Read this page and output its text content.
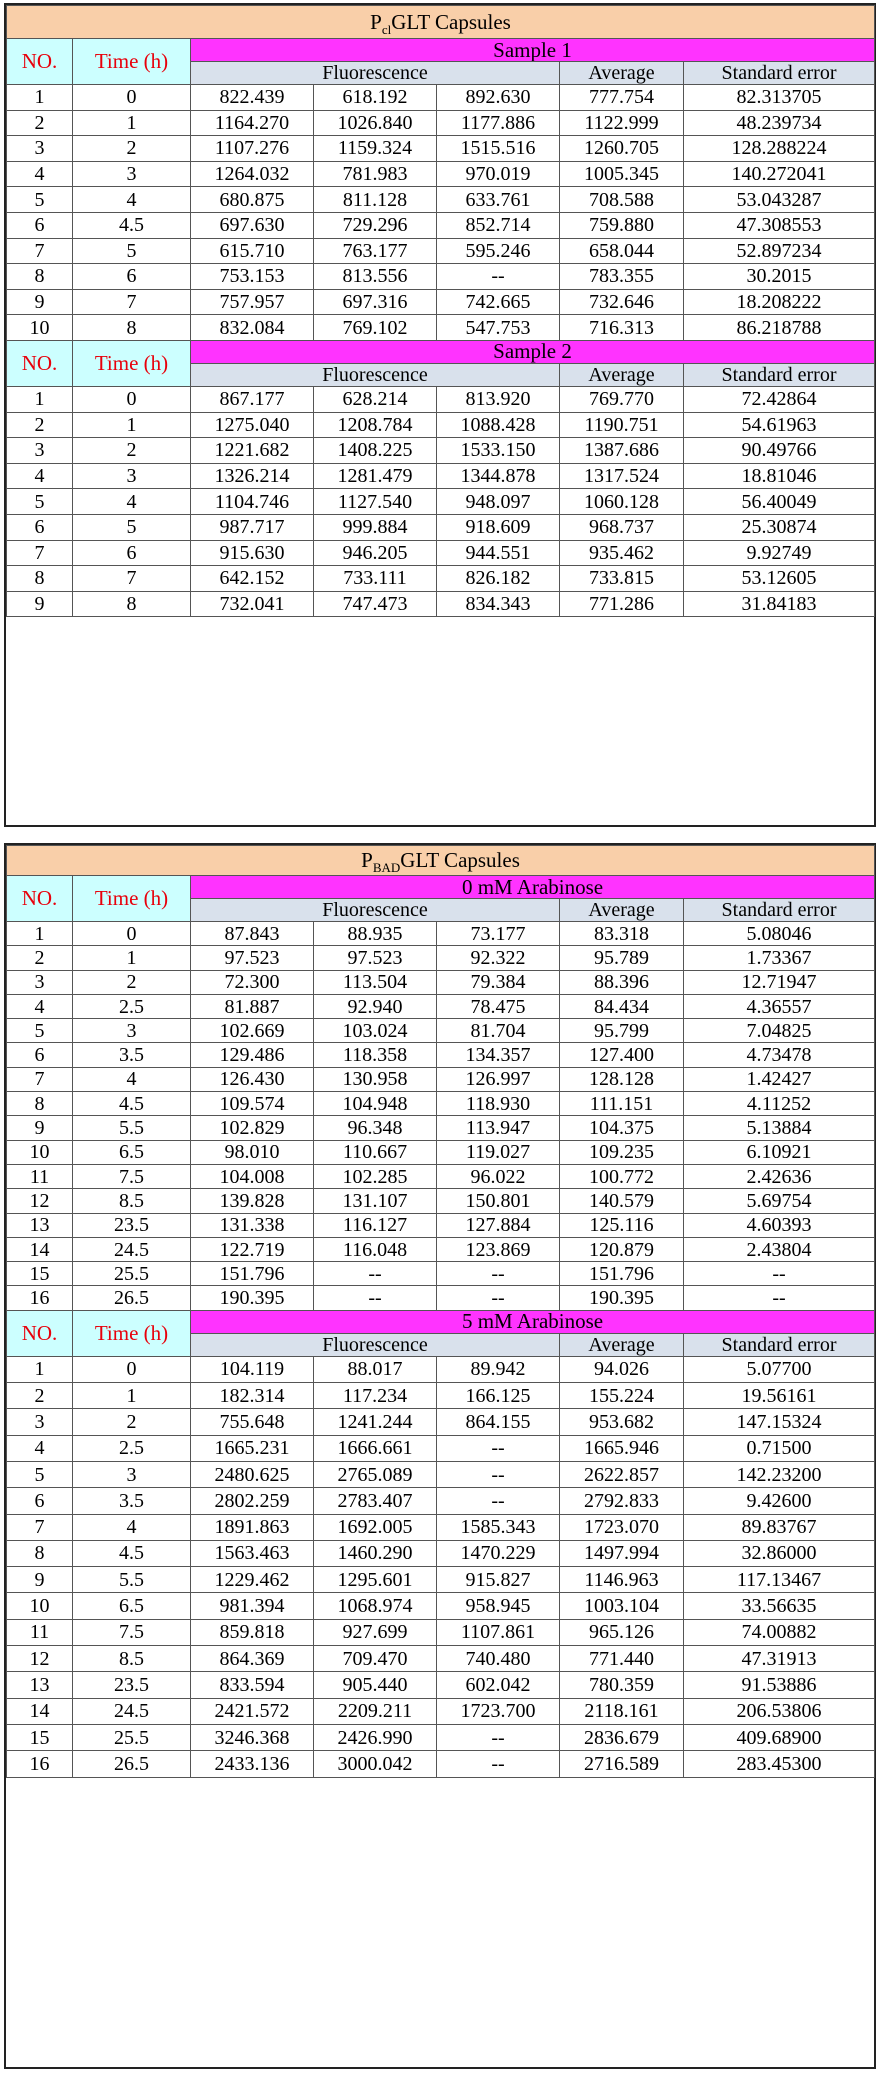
$P_{cl}GLT$ Capsules						
NO.	Time (h)	Sample 1				
		Fluorescence			Average	Standard error
1	0	822.439	618.192	892.630	777.754	82.313705
2	1	1164.270	1026.840	1177.886	1122.999	48.239734
3	2	1107.276	1159.324	1515.516	1260.705	128.288224
4	3	1264.032	781.983	970.019	1005.345	140.272041
5	4	680.875	811.128	633.761	708.588	53.043287
6	4.5	697.630	729.296	852.714	759.880	47.308553
7	5	615.710	763.177	595.246	658.044	52.897234
8	6	753.153	813.556	--	783.355	30.2015
9	7	757.957	697.316	742.665	732.646	18.208222
10	8	832.084	769.102	547.753	716.313	86.218788
NO.	Time (h)	Sample 2				
		Fluorescence			Average	Standard error
1	0	867.177	628.214	813.920	769.770	72.42864
2	1	1275.040	1208.784	1088.428	1190.751	54.61963
3	2	1221.682	1408.225	1533.150	1387.686	90.49766
4	3	1326.214	1281.479	1344.878	1317.524	18.81046
5	4	1104.746	1127.540	948.097	1060.128	56.40049
6	5	987.717	999.884	918.609	968.737	25.30874
7	6	915.630	946.205	944.551	935.462	9.92749
8	7	642.152	733.111	826.182	733.815	53.12605
9	8	732.041	747.473	834.343	771.286	31.84183
$P_{BAD}GLT$ Capsules						
NO.	Time (h)	0 mM Arabinose				
		Fluorescence			Average	Standard error
1	0	87.843	88.935	73.177	83.318	5.08046
2	1	97.523	97.523	92.322	95.789	1.73367
3	2	72.300	113.504	79.384	88.396	12.71947
4	2.5	81.887	92.940	78.475	84.434	4.36557
5	3	102.669	103.024	81.704	95.799	7.04825
6	3.5	129.486	118.358	134.357	127.400	4.73478
7	4	126.430	130.958	126.997	128.128	1.42427
8	4.5	109.574	104.948	118.930	111.151	4.11252
9	5.5	102.829	96.348	113.947	104.375	5.13884
10	6.5	98.010	110.667	119.027	109.235	6.10921
11	7.5	104.008	102.285	96.022	100.772	2.42636
12	8.5	139.828	131.107	150.801	140.579	5.69754
13	23.5	131.338	116.127	127.884	125.116	4.60393
14	24.5	122.719	116.048	123.869	120.879	2.43804
15	25.5	151.796	--	--	151.796	--
16	26.5	190.395	--	--	190.395	--
NO.	Time (h)	5 mM Arabinose				
		Fluorescence			Average	Standard error
1	0	104.119	88.017	89.942	94.026	5.07700
2	1	182.314	117.234	166.125	155.224	19.56161
3	2	755.648	1241.244	864.155	953.682	147.15324
4	2.5	1665.231	1666.661	--	1665.946	0.71500
5	3	2480.625	2765.089	--	2622.857	142.23200
6	3.5	2802.259	2783.407	--	2792.833	9.42600
7	4	1891.863	1692.005	1585.343	1723.070	89.83767
8	4.5	1563.463	1460.290	1470.229	1497.994	32.86000
9	5.5	1229.462	1295.601	915.827	1146.963	117.13467
10	6.5	981.394	1068.974	958.945	1003.104	33.56635
11	7.5	859.818	927.699	1107.861	965.126	74.00882
12	8.5	864.369	709.470	740.480	771.440	47.31913
13	23.5	833.594	905.440	602.042	780.359	91.53886
14	24.5	2421.572	2209.211	1723.700	2118.161	206.53806
15	25.5	3246.368	2426.990	--	2836.679	409.68900
16	26.5	2433.136	3000.042	--	2716.589	283.45300
